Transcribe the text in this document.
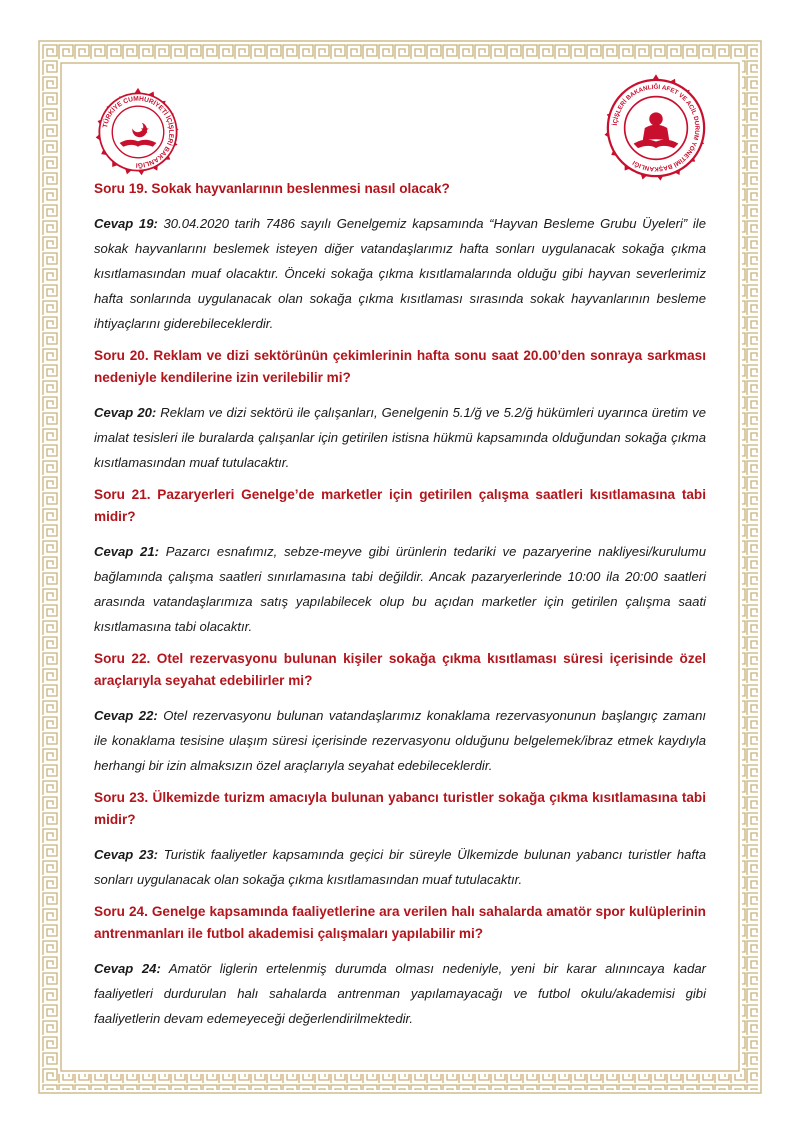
TÜRKİYE CUMHURİYETİ İÇİŞLERİ BAKANLIĞI
İÇİŞLERİ BAKANLIĞI AFET VE ACİL DURUM YÖNETİMİ BAŞKANLIĞI

Soru 19. Sokak hayvanlarının beslenmesi nasıl olacak?

Cevap 19: 30.04.2020 tarih 7486 sayılı Genelgemiz kapsamında “Hayvan Besleme Grubu Üyeleri” ile sokak hayvanlarını beslemek isteyen diğer vatandaşlarımız hafta sonları uygulanacak sokağa çıkma kısıtlamasından muaf olacaktır. Önceki sokağa çıkma kısıtlamalarında olduğu gibi hayvan severlerimiz hafta sonlarında uygulanacak olan sokağa çıkma kısıtlaması sırasında sokak hayvanlarının besleme ihtiyaçlarını giderebileceklerdir.

Soru 20. Reklam ve dizi sektörünün çekimlerinin hafta sonu saat 20.00’den sonraya sarkması nedeniyle kendilerine izin verilebilir mi?

Cevap 20: Reklam ve dizi sektörü ile çalışanları, Genelgenin 5.1/ğ ve 5.2/ğ hükümleri uyarınca üretim ve imalat tesisleri ile buralarda çalışanlar için getirilen istisna hükmü kapsamında olduğundan sokağa çıkma kısıtlamasından muaf tutulacaktır.

Soru 21. Pazaryerleri Genelge’de marketler için getirilen çalışma saatleri kısıtlamasına tabi midir?

Cevap 21: Pazarcı esnafımız, sebze-meyve gibi ürünlerin tedariki ve pazaryerine nakliyesi/kurulumu bağlamında çalışma saatleri sınırlamasına tabi değildir. Ancak pazaryerlerinde 10:00 ila 20:00 saatleri arasında vatandaşlarımıza satış yapılabilecek olup bu açıdan marketler için getirilen çalışma saati kısıtlamasına tabi olacaktır.

Soru 22. Otel rezervasyonu bulunan kişiler sokağa çıkma kısıtlaması süresi içerisinde özel araçlarıyla seyahat edebilirler mi?

Cevap 22: Otel rezervasyonu bulunan vatandaşlarımız konaklama rezervasyonunun başlangıç zamanı ile konaklama tesisine ulaşım süresi içerisinde rezervasyonu olduğunu belgelemek/ibraz etmek kaydıyla herhangi bir izin almaksızın özel araçlarıyla seyahat edebileceklerdir.

Soru 23. Ülkemizde turizm amacıyla bulunan yabancı turistler sokağa çıkma kısıtlamasına tabi midir?

Cevap 23: Turistik faaliyetler kapsamında geçici bir süreyle Ülkemizde bulunan yabancı turistler hafta sonları uygulanacak olan sokağa çıkma kısıtlamasından muaf tutulacaktır.

Soru 24. Genelge kapsamında faaliyetlerine ara verilen halı sahalarda amatör spor kulüplerinin antrenmanları ile futbol akademisi çalışmaları yapılabilir mi?

Cevap 24: Amatör liglerin ertelenmiş durumda olması nedeniyle, yeni bir karar alınıncaya kadar faaliyetleri durdurulan halı sahalarda antrenman yapılamayacağı ve futbol okulu/akademisi gibi faaliyetlerin devam edemeyeceği değerlendirilmektedir.
